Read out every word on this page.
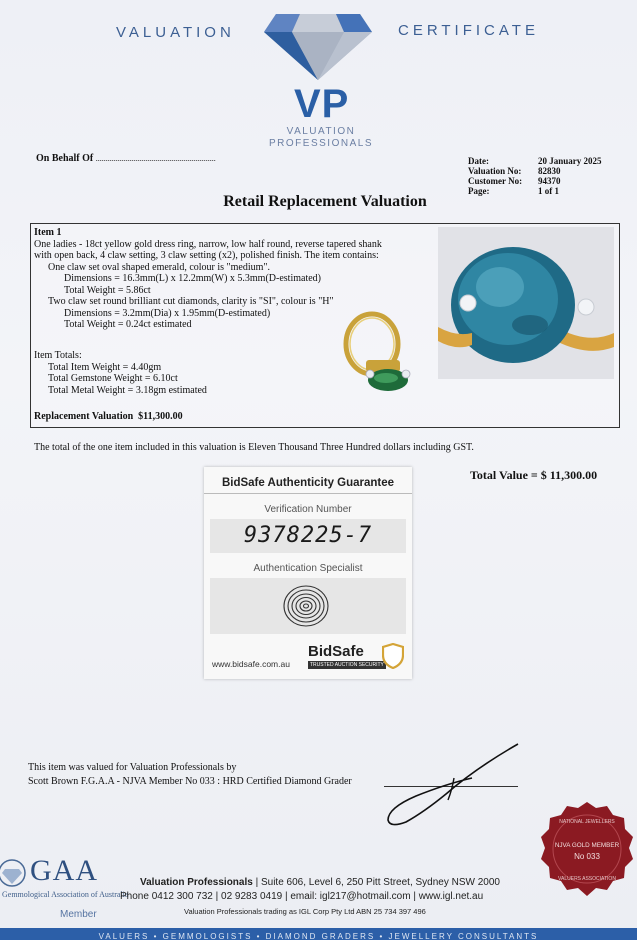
VALUATION	CERTIFICATE
VP
VALUATION
PROFESSIONALS
On Behalf Of ............................................................	Date:	20 January 2025
Valuation No:	82830
Customer No:	94370
Page:	1 of 1
Retail Replacement Valuation
Item 1
One ladies - 18ct yellow gold dress ring, narrow, low half round, reverse tapered shank
with open back, 4 claw setting, 3 claw setting (x2), polished finish. The item contains:
One claw set oval shaped emerald, colour is "medium".
Dimensions = 16.3mm(L) x 12.2mm(W) x 5.3mm(D-estimated)
Total Weight = 5.86ct
Two claw set round brilliant cut diamonds, clarity is "SI", colour is "H"
Dimensions = 3.2mm(Dia) x 1.95mm(D-estimated)
Total Weight = 0.24ct estimated
Item Totals:
Total Item Weight = 4.40gm
Total Gemstone Weight = 6.10ct
Total Metal Weight = 3.18gm estimated
Replacement Valuation $11,300.00
The total of the one item included in this valuation is Eleven Thousand Three Hundred dollars including GST.
Total Value = $ 11,300.00
BidSafe Authenticity Guarantee
Verification Number
9378225-7
Authentication Specialist
www.bidsafe.com.au
BidSafe
TRUSTED AUCTION SECURITY
This item was valued for Valuation Professionals by
Scott Brown F.G.A.A - NJVA Member No 033 : HRD Certified Diamond Grader
NATIONAL JEWELLERS
NJVA GOLD MEMBER
No 033
VALUERS ASSOCIATION
GAA
Gemmological Association of Australia
Member
Valuation Professionals | Suite 606, Level 6, 250 Pitt Street, Sydney NSW 2000
Phone 0412 300 732 | 02 9283 0419 | email: igl217@hotmail.com | www.igl.net.au
Valuation Professionals trading as IGL Corp Pty Ltd ABN 25 734 397 496
VALUERS • GEMMOLOGISTS • DIAMOND GRADERS • JEWELLERY CONSULTANTS
